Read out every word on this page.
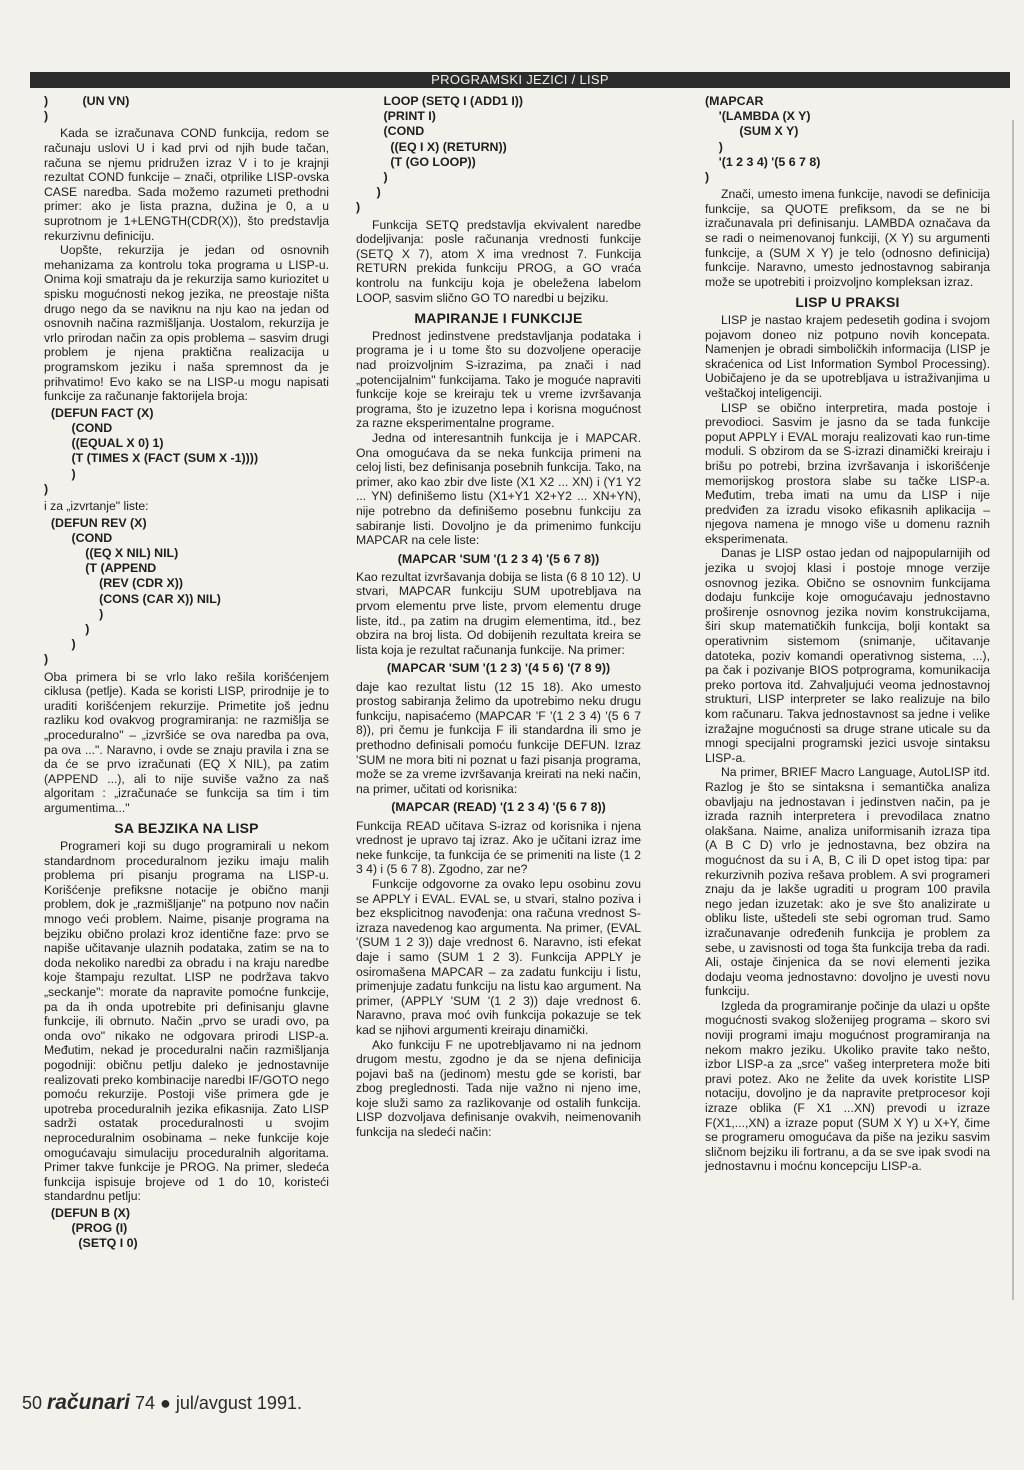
PROGRAMSKI JEZICI / LISP
)          (UN VN)
)

Kada se izračunava COND funkcija, redom se računaju uslovi U i kad prvi od njih bude tačan, računa se njemu pridružen izraz V i to je krajnji rezultat COND funkcije – znači, otprilike LISP-ovska CASE naredba. Sada možemo razumeti prethodni primer: ako je lista prazna, dužina je 0, a u suprotnom je 1+LENGTH(CDR(X)), što predstavlja rekurzivnu definiciju.

Uopšte, rekurzija je jedan od osnovnih mehanizama za kontrolu toka programa u LISP-u. Onima koji smatraju da je rekurzija samo kuriozitet u spisku mogućnosti nekog jezika, ne preostaje ništa drugo nego da se naviknu na nju kao na jedan od osnovnih načina razmišljanja. Uostalom, rekurzija je vrlo prirodan način za opis problema – sasvim drugi problem je njena praktična realizacija u programskom jeziku i naša spremnost da je prihvatimo! Evo kako se na LISP-u mogu napisati funkcije za računanje faktorijela broja:

(DEFUN FACT (X)
(COND
((EQUAL X 0) 1)
(T (TIMES X (FACT (SUM X -1))))
)
)

i za „izvrtanje" liste:

(DEFUN REV (X)
(COND
((EQ X NIL) NIL)
(T (APPEND
(REV (CDR X))
(CONS (CAR X)) NIL)
)
)
)
)

Oba primera bi se vrlo lako rešila korišćenjem ciklusa (petlje). Kada se koristi LISP, prirodnije je to uraditi korišćenjem rekurzije. Primetite još jednu razliku kod ovakvog programiranja: ne razmišlja se „proceduralno" – „izvršiće se ova naredba pa ova, pa ova ...". Naravno, i ovde se znaju pravila i zna se da će se prvo izračunati (EQ X NIL), pa zatim (APPEND ...), ali to nije suviše važno za naš algoritam : „izračunaće se funkcija sa tim i tim argumentima..."

SA BEJZIKA NA LISP

Programeri koji su dugo programirali u nekom standardnom proceduralnom jeziku imaju malih problema pri pisanju programa na LISP-u. Korišćenje prefiksne notacije je obično manji problem, dok je „razmišljanje" na potpuno nov način mnogo veći problem. Naime, pisanje programa na bejziku obično prolazi kroz identične faze: prvo se napiše učitavanje ulaznih podataka, zatim se na to doda nekoliko naredbi za obradu i na kraju naredbe koje štampaju rezultat. LISP ne podržava takvo „seckanje": morate da napravite pomoćne funkcije, pa da ih onda upotrebite pri definisanju glavne funkcije, ili obrnuto. Način „prvo se uradi ovo, pa onda ovo" nikako ne odgovara prirodi LISP-a. Međutim, nekad je proceduralni način razmišljanja pogodniji: običnu petlju daleko je jednostavnije realizovati preko kombinacije naredbi IF/GOTO nego pomoću rekurzije. Postoji više primera gde je upotreba proceduralnih jezika efikasnija. Zato LISP sadrži ostatak proceduralnosti u svojim neproceduralnim osobinama – neke funkcije koje omogućavaju simulaciju proceduralnih algoritama. Primer takve funkcije je PROG. Na primer, sledeća funkcija ispisuje brojeve od 1 do 10, koristeći standardnu petlju:

(DEFUN B (X)
(PROG (I)
(SETQ I 0)
LOOP (SETQ I (ADD1 I))
(PRINT I)
(COND
((EQ I X) (RETURN))
(T (GO LOOP))
)
)
)

Funkcija SETQ predstavlja ekvivalent naredbe dodeljivanja: posle računanja vrednosti funkcije (SETQ X 7), atom X ima vrednost 7. Funkcija RETURN prekida funkciju PROG, a GO vraća kontrolu na funkciju koja je obeležena labelom LOOP, sasvim slično GO TO naredbi u bejziku.

MAPIRANJE I FUNKCIJE

Prednost jedinstvene predstavljanja podataka i programa je i u tome što su dozvoljene operacije nad proizvoljnim S-izrazima, pa znači i nad „potencijalnim" funkcijama. Tako je moguće napraviti funkcije koje se kreiraju tek u vreme izvršavanja programa, što je izuzetno lepa i korisna mogućnost za razne eksperimentalne programe.

Jedna od interesantnih funkcija je i MAPCAR. Ona omogućava da se neka funkcija primeni na celoj listi, bez definisanja posebnih funkcija. Tako, na primer, ako kao zbir dve liste (X1 X2 ... XN) i (Y1 Y2 ... YN) definišemo listu (X1+Y1 X2+Y2 ... XN+YN), nije potrebno da definišemo posebnu funkciju za sabiranje listi. Dovoljno je da primenimo funkciju MAPCAR na cele liste:

(MAPCAR 'SUM '(1 2 3 4) '(5 6 7 8))

Kao rezultat izvršavanja dobija se lista (6 8 10 12). U stvari, MAPCAR funkciju SUM upotrebljava na prvom elementu prve liste, prvom elementu druge liste, itd., pa zatim na drugim elementima, itd., bez obzira na broj lista. Od dobijenih rezultata kreira se lista koja je rezultat računanja funkcije. Na primer:

(MAPCAR 'SUM '(1 2 3) '(4 5 6) '(7 8 9))

daje kao rezultat listu (12 15 18). Ako umesto prostog sabiranja želimo da upotrebimo neku drugu funkciju, napisaćemo (MAPCAR 'F '(1 2 3 4) '(5 6 7 8)), pri čemu je funkcija F ili standardna ili smo je prethodno definisali pomoću funkcije DEFUN. Izraz 'SUM ne mora biti ni poznat u fazi pisanja programa, može se za vreme izvršavanja kreirati na neki način, na primer, učitati od korisnika:

(MAPCAR (READ) '(1 2 3 4) '(5 6 7 8))

Funkcija READ učitava S-izraz od korisnika i njena vrednost je upravo taj izraz. Ako je učitani izraz ime neke funkcije, ta funkcija će se primeniti na liste (1 2 3 4) i (5 6 7 8). Zgodno, zar ne?

Funkcije odgovorne za ovako lepu osobinu zovu se APPLY i EVAL. EVAL se, u stvari, stalno poziva i bez eksplicitnog navođenja: ona računa vrednost S-izraza navedenog kao argumenta. Na primer, (EVAL '(SUM 1 2 3)) daje vrednost 6. Naravno, isti efekat daje i samo (SUM 1 2 3). Funkcija APPLY je osiromašena MAPCAR – za zadatu funkciju i listu, primenjuje zadatu funkciju na listu kao argument. Na primer, (APPLY 'SUM '(1 2 3)) daje vrednost 6. Naravno, prava moć ovih funkcija pokazuje se tek kad se njihovi argumenti kreiraju dinamički.

Ako funkciju F ne upotrebljavamo ni na jednom drugom mestu, zgodno je da se njena definicija pojavi baš na (jedinom) mestu gde se koristi, bar zbog preglednosti. Tada nije važno ni njeno ime, koje služi samo za razlikovanje od ostalih funkcija. LISP dozvoljava definisanje ovakvih, neimenovanih funkcija na sledeći način:

(MAPCAR
'(LAMBDA (X Y)
(SUM X Y)
)
'(1 2 3 4) '(5 6 7 8)
)

Znači, umesto imena funkcije, navodi se definicija funkcije, sa QUOTE prefiksom, da se ne bi izračunavala pri definisanju. LAMBDA označava da se radi o neimenovanoj funkciji, (X Y) su argumenti funkcije, a (SUM X Y) je telo (odnosno definicija) funkcije. Naravno, umesto jednostavnog sabiranja može se upotrebiti i proizvoljno kompleksan izraz.

LISP U PRAKSI

LISP je nastao krajem pedesetih godina i svojom pojavom doneo niz potpuno novih koncepata. Namenjen je obradi simboličkih informacija (LISP je skraćenica od List Information Symbol Processing). Uobičajeno je da se upotrebljava u istraživanjima u veštačkoj inteligenciji.

LISP se obično interpretira, mada postoje i prevodioci. Sasvim je jasno da se tada funkcije poput APPLY i EVAL moraju realizovati kao run-time moduli. S obzirom da se S-izrazi dinamički kreiraju i brišu po potrebi, brzina izvršavanja i iskorišćenje memorijskog prostora slabe su tačke LISP-a. Međutim, treba imati na umu da LISP i nije predviđen za izradu visoko efikasnih aplikacija – njegova namena je mnogo više u domenu raznih eksperimenata.

Danas je LISP ostao jedan od najpopularnijih od jezika u svojoj klasi i postoje mnoge verzije osnovnog jezika. Obično se osnovnim funkcijama dodaju funkcije koje omogućavaju jednostavno proširenje osnovnog jezika novim konstrukcijama, širi skup matematičkih funkcija, bolji kontakt sa operativnim sistemom (snimanje, učitavanje datoteka, poziv komandi operativnog sistema, ...), pa čak i pozivanje BIOS potprograma, komunikacija preko portova itd. Zahvaljujući veoma jednostavnoj strukturi, LISP interpreter se lako realizuje na bilo kom računaru. Takva jednostavnost sa jedne i velike izražajne mogućnosti sa druge strane uticale su da mnogi specijalni programski jezici usvoje sintaksu LISP-a.

Na primer, BRIEF Macro Language, AutoLISP itd. Razlog je što se sintaksna i semantička analiza obavljaju na jednostavan i jedinstven način, pa je izrada raznih interpretera i prevodilaca znatno olakšana. Naime, analiza uniformisanih izraza tipa (A B C D) vrlo je jednostavna, bez obzira na mogućnost da su i A, B, C ili D opet istog tipa: par rekurzivnih poziva rešava problem. A svi programeri znaju da je lakše ugraditi u program 100 pravila nego jedan izuzetak: ako je sve što analizirate u obliku liste, uštedeli ste sebi ogroman trud. Samo izračunavanje određenih funkcija je problem za sebe, u zavisnosti od toga šta funkcija treba da radi. Ali, ostaje činjenica da se novi elementi jezika dodaju veoma jednostavno: dovoljno je uvesti novu funkciju.

Izgleda da programiranje počinje da ulazi u opšte mogućnosti svakog složenijeg programa – skoro svi noviji programi imaju mogućnost programiranja na nekom makro jeziku. Ukoliko pravite tako nešto, izbor LISP-a za „srce" vašeg interpretera može biti pravi potez. Ako ne želite da uvek koristite LISP notaciju, dovoljno je da napravite pretprocesor koji izraze oblika (F X1 ...XN) prevodi u izraze F(X1,...,XN) a izraze poput (SUM X Y) u X+Y, čime se programeru omogućava da piše na jeziku sasvim sličnom bejziku ili fortranu, a da se sve ipak svodi na jednostavnu i moćnu koncepciju LISP-a.

50 računari 74 ● jul/avgust 1991.
